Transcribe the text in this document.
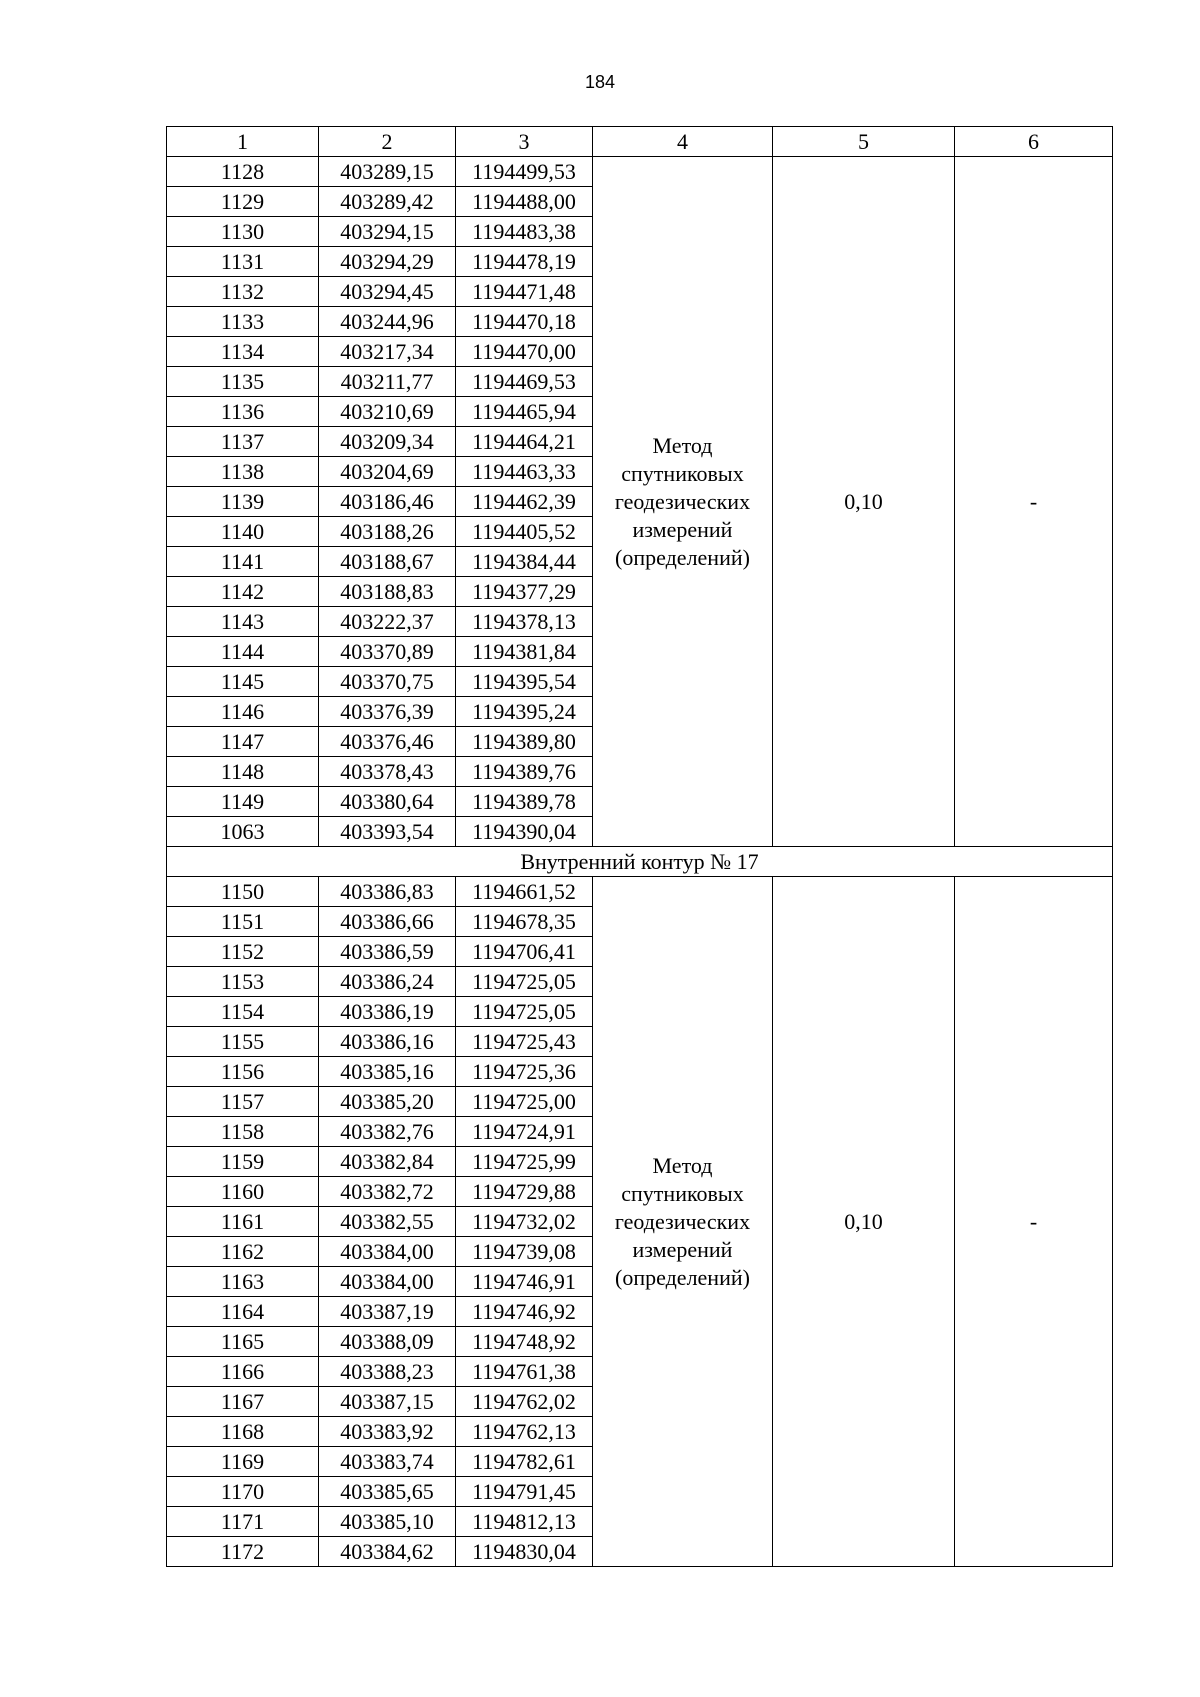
184
1	2	3	4	5	6
1128	403289,15	1194499,53	Метод
спутниковых
геодезических
измерений
(определений)	0,10	-
1129	403289,42	1194488,00			
1130	403294,15	1194483,38			
1131	403294,29	1194478,19			
1132	403294,45	1194471,48			
1133	403244,96	1194470,18			
1134	403217,34	1194470,00			
1135	403211,77	1194469,53			
1136	403210,69	1194465,94			
1137	403209,34	1194464,21			
1138	403204,69	1194463,33			
1139	403186,46	1194462,39			
1140	403188,26	1194405,52			
1141	403188,67	1194384,44			
1142	403188,83	1194377,29			
1143	403222,37	1194378,13			
1144	403370,89	1194381,84			
1145	403370,75	1194395,54			
1146	403376,39	1194395,24			
1147	403376,46	1194389,80			
1148	403378,43	1194389,76			
1149	403380,64	1194389,78			
1063	403393,54	1194390,04			
Внутренний контур № 17					
1150	403386,83	1194661,52	Метод
спутниковых
геодезических
измерений
(определений)	0,10	-
1151	403386,66	1194678,35			
1152	403386,59	1194706,41			
1153	403386,24	1194725,05			
1154	403386,19	1194725,05			
1155	403386,16	1194725,43			
1156	403385,16	1194725,36			
1157	403385,20	1194725,00			
1158	403382,76	1194724,91			
1159	403382,84	1194725,99			
1160	403382,72	1194729,88			
1161	403382,55	1194732,02			
1162	403384,00	1194739,08			
1163	403384,00	1194746,91			
1164	403387,19	1194746,92			
1165	403388,09	1194748,92			
1166	403388,23	1194761,38			
1167	403387,15	1194762,02			
1168	403383,92	1194762,13			
1169	403383,74	1194782,61			
1170	403385,65	1194791,45			
1171	403385,10	1194812,13			
1172	403384,62	1194830,04			
